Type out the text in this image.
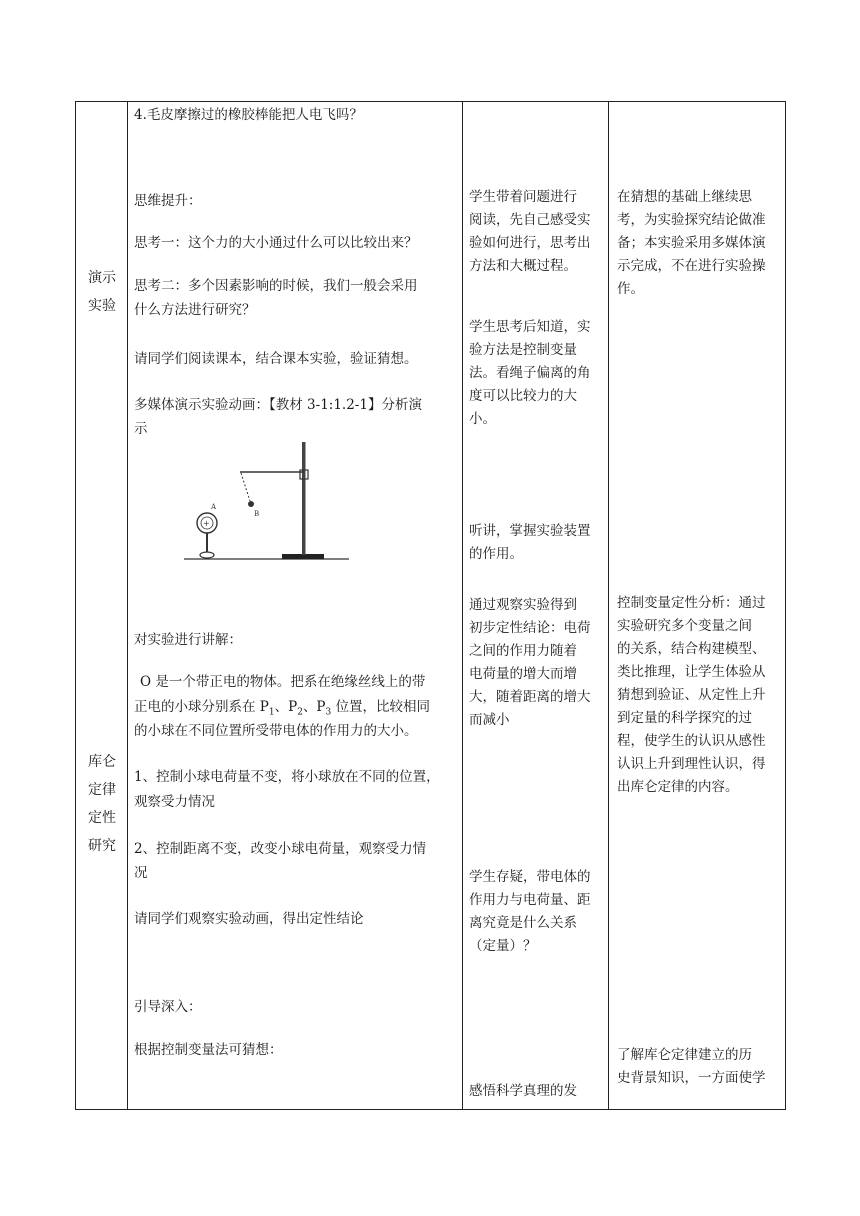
演示
实验
库仑
定律
定性
研究

4.毛皮摩擦过的橡胶棒能把人电飞吗？

思维提升：

思考一：这个力的大小通过什么可以比较出来？

思考二：多个因素影响的时候，我们一般会采用

什么方法进行研究？

请同学们阅读课本，结合课本实验，验证猜想。

多媒体演示实验动画：【教材 3-1:1.2-1】分析演

示

B
+
A

对实验进行讲解：

O 是一个带正电的物体。把系在绝缘丝线上的带

正电的小球分别系在 $P_1$、$P_2$、$P_3$ 位置，比较相同

的小球在不同位置所受带电体的作用力的大小。

1、控制小球电荷量不变，将小球放在不同的位置，

观察受力情况

2、控制距离不变，改变小球电荷量，观察受力情

况

请同学们观察实验动画，得出定性结论

引导深入：

根据控制变量法可猜想：

学生带着问题进行
阅读，先自己感受实
验如何进行，思考出
方法和大概过程。
学生思考后知道，实
验方法是控制变量
法。看绳子偏离的角
度可以比较力的大
小。
听讲，掌握实验装置
的作用。
通过观察实验得到
初步定性结论：电荷
之间的作用力随着
电荷量的增大而增
大，随着距离的增大
而减小
学生存疑，带电体的
作用力与电荷量、距
离究竟是什么关系
（定量）？
感悟科学真理的发
在猜想的基础上继续思
考，为实验探究结论做准
备；本实验采用多媒体演
示完成，不在进行实验操
作。
控制变量定性分析：通过
实验研究多个变量之间
的关系，结合构建模型、
类比推理，让学生体验从
猜想到验证、从定性上升
到定量的科学探究的过
程，使学生的认识从感性
认识上升到理性认识，得
出库仑定律的内容。
了解库仑定律建立的历
史背景知识，一方面使学
